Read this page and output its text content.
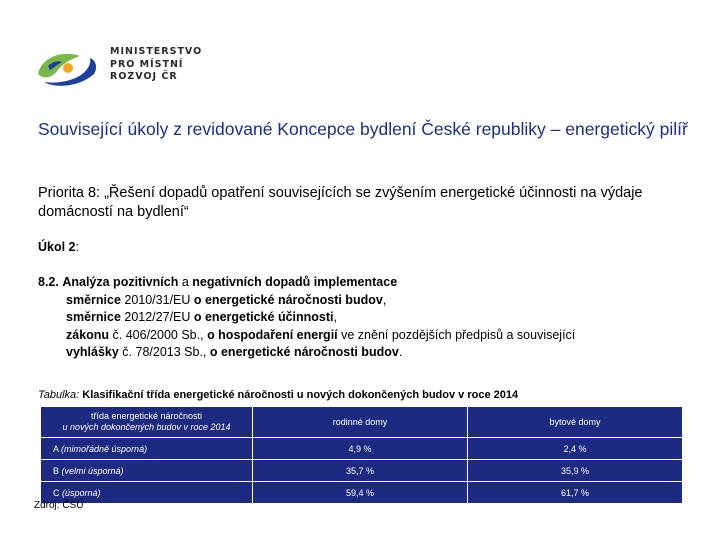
MINISTERSTVO
PRO MÍSTNÍ
ROZVOJ ČR
Související úkoly z revidované Koncepce bydlení České republiky – energetický pilíř
Priorita 8: „Řešení dopadů opatření souvisejících se zvýšením energetické účinnosti na výdaje domácností na bydlení“
Úkol 2:
8.2. Analýza pozitivních a negativních dopadů implementace
směrnice 2010/31/EU o energetické náročnosti budov,
směrnice 2012/27/EU o energetické účinnosti,
zákonu č. 406/2000 Sb., o hospodaření energií ve znění pozdějších předpisů a související
vyhlášky č. 78/2013 Sb., o energetické náročnosti budov.
Tabulka: Klasifikační třída energetické náročnosti u nových dokončených budov v roce 2014
třída energetické náročnosti
u nových dokončených budov v roce 2014	rodinné domy	bytové domy
A (mimořádně úsporná)	4,9 %	2,4 %
B (velmi úsporná)	35,7 %	35,9 %
C (úsporná)	59,4 %	61,7 %
Zdroj: ČSÚ
